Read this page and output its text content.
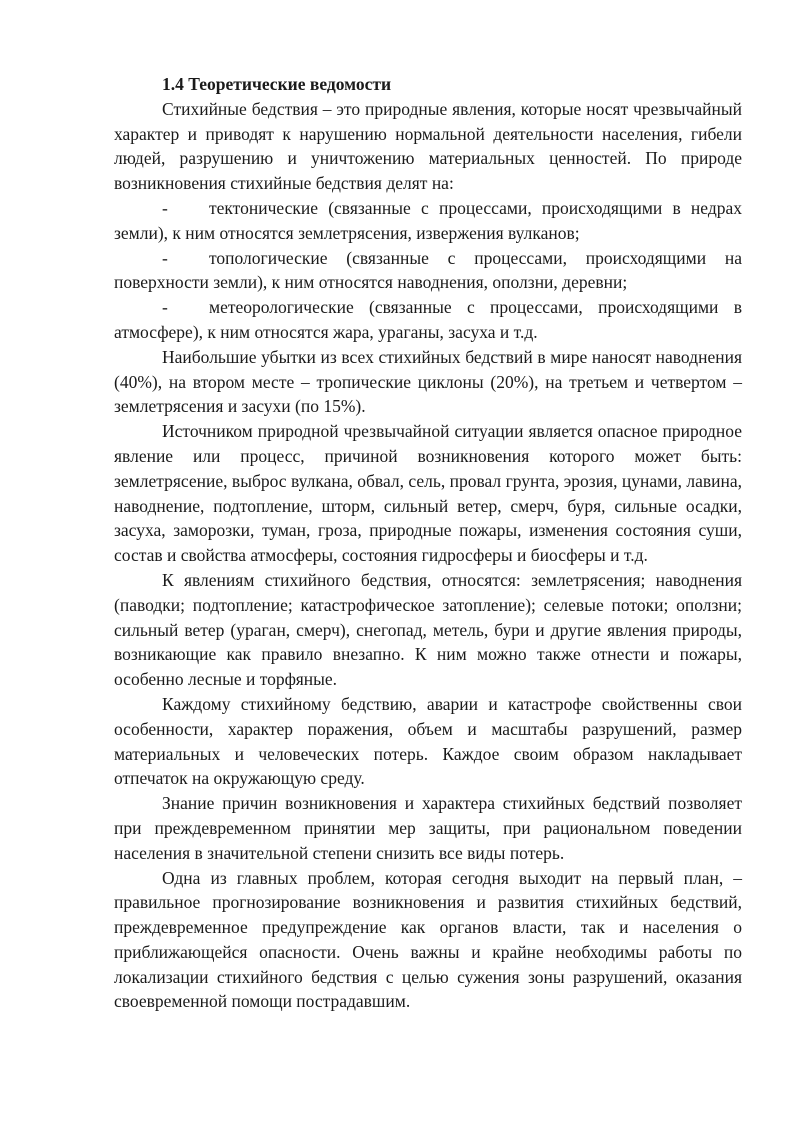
1.4 Теоретические ведомости

Стихийные бедствия – это природные явления, которые носят чрезвычайный характер и приводят к нарушению нормальной деятельности населения, гибели людей, разрушению и уничтожению материальных ценностей. По природе возникновения стихийные бедствия делят на:

- тектонические (связанные с процессами, происходящими в недрах земли), к ним относятся землетрясения, извержения вулканов;

- топологические (связанные с процессами, происходящими на поверхности земли), к ним относятся наводнения, оползни, деревни;

- метеорологические (связанные с процессами, происходящими в атмосфере), к ним относятся жара, ураганы, засуха и т.д.

Наибольшие убытки из всех стихийных бедствий в мире наносят наводнения (40%), на втором месте – тропические циклоны (20%), на третьем и четвертом – землетрясения и засухи (по 15%).

Источником природной чрезвычайной ситуации является опасное природное явление или процесс, причиной возникновения которого может быть: землетрясение, выброс вулкана, обвал, сель, провал грунта, эрозия, цунами, лавина, наводнение, подтопление, шторм, сильный ветер, смерч, буря, сильные осадки, засуха, заморозки, туман, гроза, природные пожары, изменения состояния суши, состав и свойства атмосферы, состояния гидросферы и биосферы и т.д.

К явлениям стихийного бедствия, относятся: землетрясения; наводнения (паводки; подтопление; катастрофическое затопление); селевые потоки; оползни; сильный ветер (ураган, смерч), снегопад, метель, бури и другие явления природы, возникающие как правило внезапно. К ним можно также отнести и пожары, особенно лесные и торфяные.

Каждому стихийному бедствию, аварии и катастрофе свойственны свои особенности, характер поражения, объем и масштабы разрушений, размер материальных и человеческих потерь. Каждое своим образом накладывает отпечаток на окружающую среду.

Знание причин возникновения и характера стихийных бедствий позволяет при преждевременном принятии мер защиты, при рациональном поведении населения в значительной степени снизить все виды потерь.

Одна из главных проблем, которая сегодня выходит на первый план, – правильное прогнозирование возникновения и развития стихийных бедствий, преждевременное предупреждение как органов власти, так и населения о приближающейся опасности. Очень важны и крайне необходимы работы по локализации стихийного бедствия с целью сужения зоны разрушений, оказания своевременной помощи пострадавшим.
